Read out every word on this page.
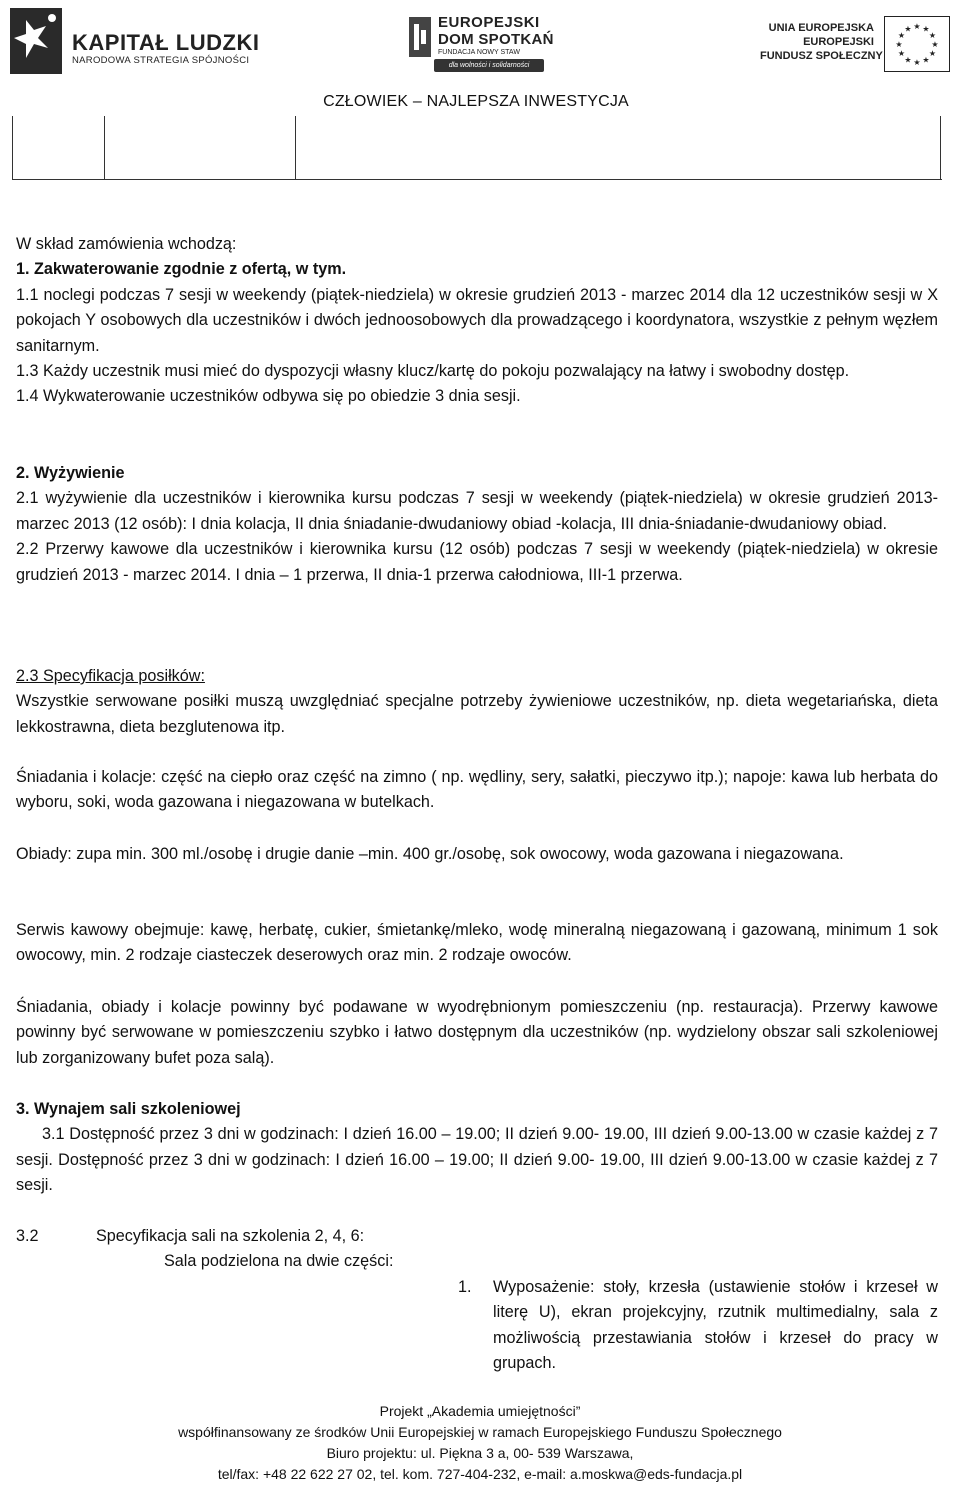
KAPITAŁ LUDZKI
NARODOWA STRATEGIA SPÓJNOŚCI
EUROPEJSKI
DOM SPOTKAŃ
FUNDACJA NOWY STAW
dla wolności i solidarności
UNIA EUROPEJSKA
EUROPEJSKI
FUNDUSZ SPOŁECZNY
★ ★
★
★
★
★
★
★
★
★
★
★
CZŁOWIEK – NAJLEPSZA INWESTYCJA

W skład zamówienia wchodzą:

1. Zakwaterowanie zgodnie z ofertą, w tym.

1.1 noclegi podczas 7 sesji w weekendy (piątek-niedziela) w okresie grudzień 2013 - marzec 2014 dla 12 uczestników sesji w X pokojach Y osobowych dla uczestników i dwóch jednoosobowych dla prowadzącego i koordynatora, wszystkie z pełnym węzłem sanitarnym.

1.3 Każdy uczestnik musi mieć do dyspozycji własny klucz/kartę do pokoju pozwalający na łatwy i swobodny dostęp.

1.4 Wykwaterowanie uczestników odbywa się po obiedzie 3 dnia sesji.

2. Wyżywienie

2.1 wyżywienie dla uczestników i kierownika kursu podczas 7 sesji w weekendy (piątek-niedziela) w okresie grudzień 2013- marzec 2013 (12 osób): I dnia kolacja, II dnia śniadanie-dwudaniowy obiad -kolacja, III dnia-śniadanie-dwudaniowy obiad.

2.2 Przerwy kawowe dla uczestników i kierownika kursu (12 osób) podczas 7 sesji w weekendy (piątek-niedziela) w okresie grudzień 2013 - marzec 2014. I dnia – 1 przerwa, II dnia-1 przerwa całodniowa, III-1 przerwa.

2.3 Specyfikacja posiłków:

Wszystkie serwowane posiłki muszą uwzględniać specjalne potrzeby żywieniowe uczestników, np. dieta wegetariańska, dieta lekkostrawna, dieta bezglutenowa itp.

Śniadania i kolacje: część na ciepło oraz część na zimno ( np. wędliny, sery, sałatki, pieczywo itp.); napoje: kawa lub herbata do wyboru, soki, woda gazowana i niegazowana w butelkach.
Obiady: zupa min. 300 ml./osobę i drugie danie –min. 400 gr./osobę, sok owocowy, woda gazowana i niegazowana.
Serwis kawowy obejmuje: kawę, herbatę, cukier, śmietankę/mleko, wodę mineralną niegazowaną i gazowaną, minimum 1 sok owocowy, min. 2 rodzaje ciasteczek deserowych oraz min. 2 rodzaje owoców.
Śniadania, obiady i kolacje powinny być podawane w wyodrębnionym pomieszczeniu (np. restauracja). Przerwy kawowe powinny być serwowane w pomieszczeniu szybko i łatwo dostępnym dla uczestników (np. wydzielony obszar sali szkoleniowej lub zorganizowany bufet poza salą).

3. Wynajem sali szkoleniowej

3.1 Dostępność przez 3 dni w godzinach: I dzień 16.00 – 19.00; II dzień 9.00- 19.00, III dzień 9.00-13.00 w czasie każdej z 7 sesji. Dostępność przez 3 dni w godzinach: I dzień 16.00 – 19.00; II dzień 9.00- 19.00, III dzień 9.00-13.00 w czasie każdej z 7 sesji.

3.2	Specyfikacja sali na szkolenia 2, 4, 6:
Sala podzielona na dwie części:
1. Wyposażenie: stoły, krzesła (ustawienie stołów i krzeseł w literę U), ekran projekcyjny, rzutnik multimedialny, sala z możliwością przestawiania stołów i krzeseł do pracy w grupach.
Projekt „Akademia umiejętności”
współfinansowany ze środków Unii Europejskiej w ramach Europejskiego Funduszu Społecznego
Biuro projektu: ul. Piękna 3 a, 00- 539 Warszawa,
tel/fax: +48 22 622 27 02, tel. kom. 727-404-232, e-mail: a.moskwa@eds-fundacja.pl
